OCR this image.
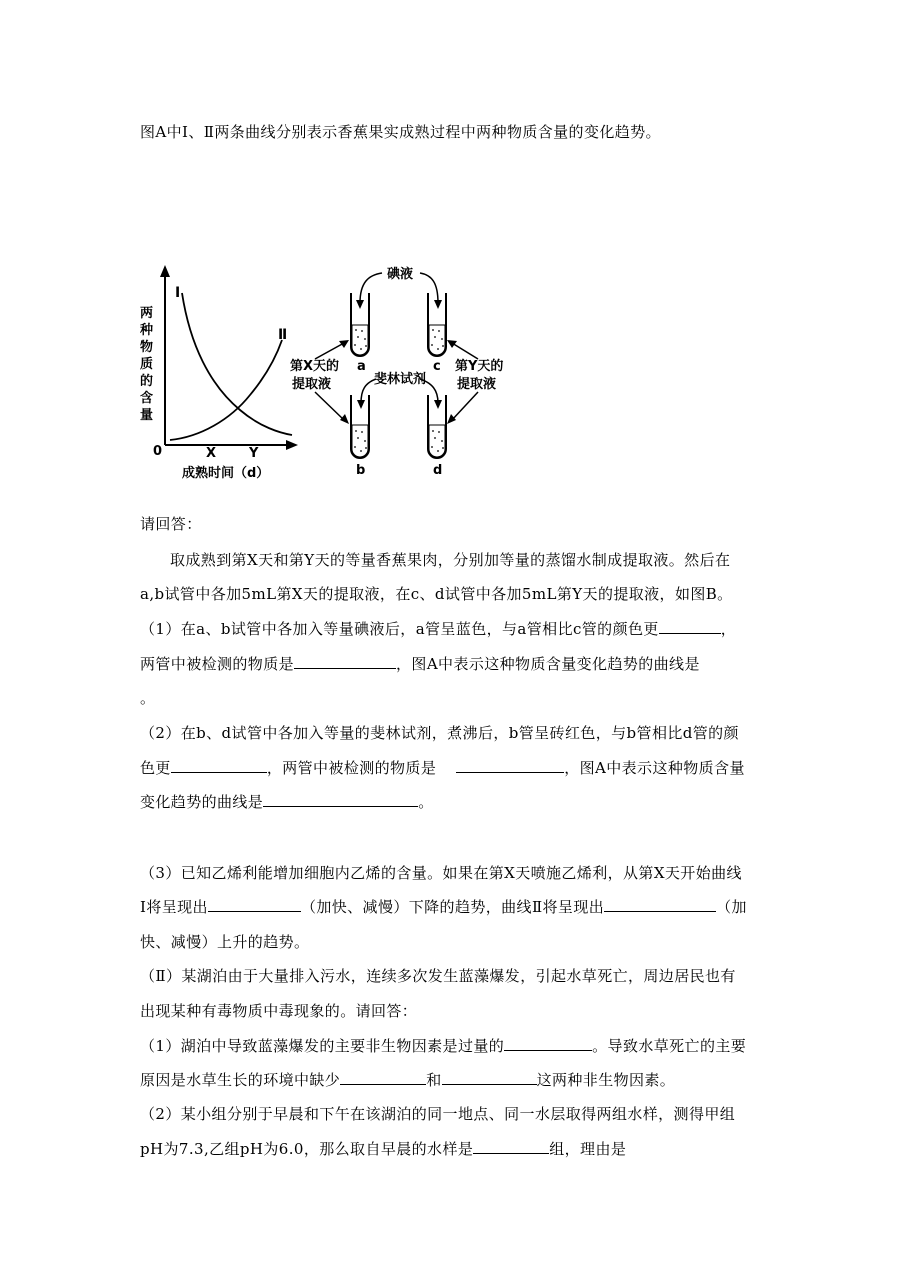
图A中Ⅰ、Ⅱ两条曲线分别表示香蕉果实成熟过程中两种物质含量的变化趋势。
Ⅰ
Ⅱ
两
种
物
质
的
含
量
0	X	Y
成熟时间（d）
碘液
斐林试剂
第X天的
提取液
第Y天的
提取液
a	c
b	d
请回答：
取成熟到第X天和第Y天的等量香蕉果肉，分别加等量的蒸馏水制成提取液。然后在
a,b试管中各加5mL第X天的提取液，在c、d试管中各加5mL第Y天的提取液，如图B。
（1）在a、b试管中各加入等量碘液后，a管呈蓝色，与a管相比c管的颜色更	，
两管中被检测的物质是	，图A中表示这种物质含量变化趋势的曲线是
。
（2）在b、d试管中各加入等量的斐林试剂，煮沸后，b管呈砖红色，与b管相比d管的颜
色更	，两管中被检测的物质是	，图A中表示这种物质含量
变化趋势的曲线是	。
（3）已知乙烯利能增加细胞内乙烯的含量。如果在第X天喷施乙烯利，从第X天开始曲线
Ⅰ将呈现出	（加快、减慢）下降的趋势，曲线Ⅱ将呈现出	（加
快、减慢）上升的趋势。
（Ⅱ）某湖泊由于大量排入污水，连续多次发生蓝藻爆发，引起水草死亡，周边居民也有
出现某种有毒物质中毒现象的。请回答：
（1）湖泊中导致蓝藻爆发的主要非生物因素是过量的	。导致水草死亡的主要
原因是水草生长的环境中缺少	和	这两种非生物因素。
（2）某小组分别于早晨和下午在该湖泊的同一地点、同一水层取得两组水样，测得甲组
pH为7.3,乙组pH为6.0，那么取自早晨的水样是	组，理由是
